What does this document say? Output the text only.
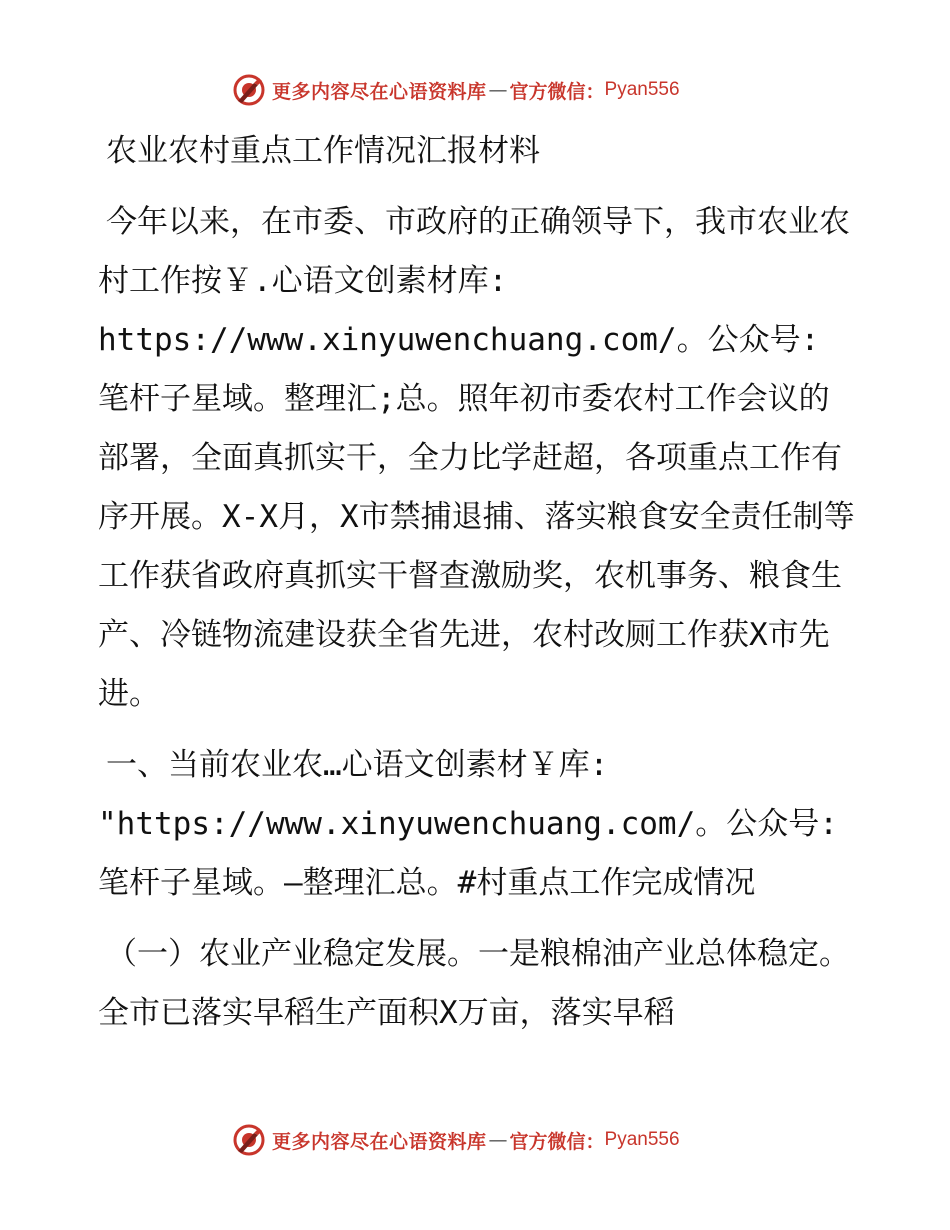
更多内容尽在心语资料库 — 官方微信： Pyan556

农业农村重点工作情况汇报材料

今年以来，在市委、市政府的正确领导下，我市农业农村工作按￥.心语文创素材库: https://www.xinyuwenchuang.com/。公众号: 笔杆子星域。整理汇;总。照年初市委农村工作会议的部署，全面真抓实干，全力比学赶超，各项重点工作有序开展。X-X月，X市禁捕退捕、落实粮食安全责任制等工作获省政府真抓实干督查激励奖，农机事务、粮食生产、冷链物流建设获全省先进，农村改厕工作获X市先进。

一、当前农业农…心语文创素材￥库: "https://www.xinyuwenchuang.com/。公众号: 笔杆子星域。—整理汇总。#村重点工作完成情况

（一）农业产业稳定发展。一是粮棉油产业总体稳定。全市已落实早稻生产面积X万亩，落实早稻

更多内容尽在心语资料库 — 官方微信： Pyan556
